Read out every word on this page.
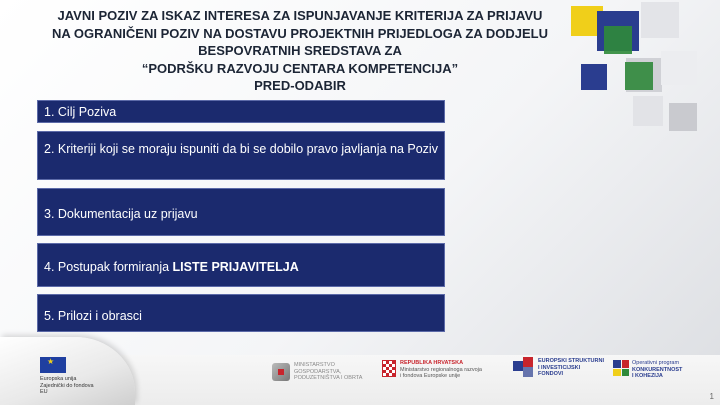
JAVNI POZIV ZA ISKAZ INTERESA ZA ISPUNJAVANJE KRITERIJA ZA PRIJAVU
NA OGRANIČENI POZIV NA DOSTAVU PROJEKTNIH PRIJEDLOGA ZA DODJELU
BESPOVRATNIH SREDSTAVA ZA
“PODRŠKU RAZVOJU CENTARA KOMPETENCIJA”
PRED-ODABIR
1. Cilj Poziva
2. Kriteriji koji se moraju ispuniti da bi se dobilo pravo javljanja na Poziv
3. Dokumentacija uz prijavu
4. Postupak formiranja LISTE PRIJAVITELJA
5. Prilozi i obrasci
★
Europska unija
Zajednički do fondova EU
MINISTARSTVO GOSPODARSTVA, PODUZETNIŠTVA I OBRTA
REPUBLIKA HRVATSKA
Ministarstvo regionalnoga razvoja
i fondova Europske unije
EUROPSKI STRUKTURNI
I INVESTICIJSKI FONDOVI
Operativni program
KONKURENTNOST
I KOHEZIJA
1
